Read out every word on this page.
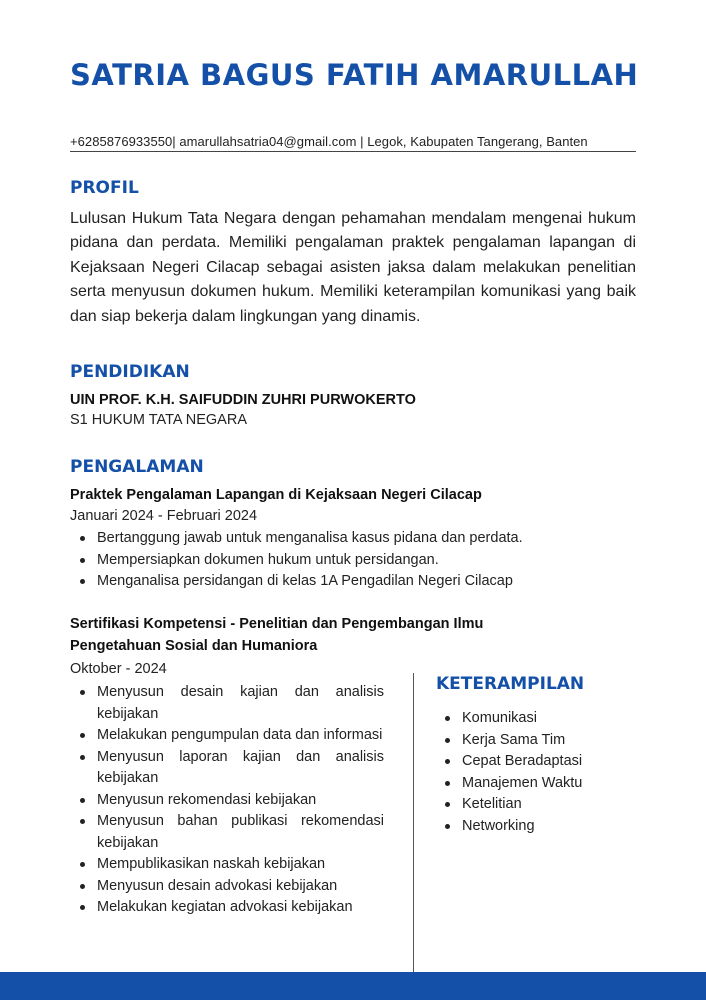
SATRIA BAGUS FATIH AMARULLAH
+6285876933550| amarullahsatria04@gmail.com | Legok, Kabupaten Tangerang, Banten
PROFIL

Lulusan Hukum Tata Negara dengan pehamahan mendalam mengenai hukum pidana dan perdata. Memiliki pengalaman praktek pengalaman lapangan di Kejaksaan Negeri Cilacap sebagai asisten jaksa dalam melakukan penelitian serta menyusun dokumen hukum. Memiliki keterampilan komunikasi yang baik dan siap bekerja dalam lingkungan yang dinamis.

PENDIDIKAN
UIN PROF. K.H. SAIFUDDIN ZUHRI PURWOKERTO
S1 HUKUM TATA NEGARA
PENGALAMAN
Praktek Pengalaman Lapangan di Kejaksaan Negeri Cilacap
Januari 2024 - Februari 2024
Bertanggung jawab untuk menganalisa kasus pidana dan perdata.
Mempersiapkan dokumen hukum untuk persidangan.
Menganalisa persidangan di kelas 1A Pengadilan Negeri Cilacap
Sertifikasi Kompetensi - Penelitian dan Pengembangan Ilmu Pengetahuan Sosial dan Humaniora
Oktober - 2024
Menyusun desain kajian dan analisis kebijakan
Melakukan pengumpulan data dan informasi
Menyusun laporan kajian dan analisis kebijakan
Menyusun rekomendasi kebijakan
Menyusun bahan publikasi rekomendasi kebijakan
Mempublikasikan naskah kebijakan
Menyusun desain advokasi kebijakan
Melakukan kegiatan advokasi kebijakan
KETERAMPILAN
Komunikasi
Kerja Sama Tim
Cepat Beradaptasi
Manajemen Waktu
Ketelitian
Networking
